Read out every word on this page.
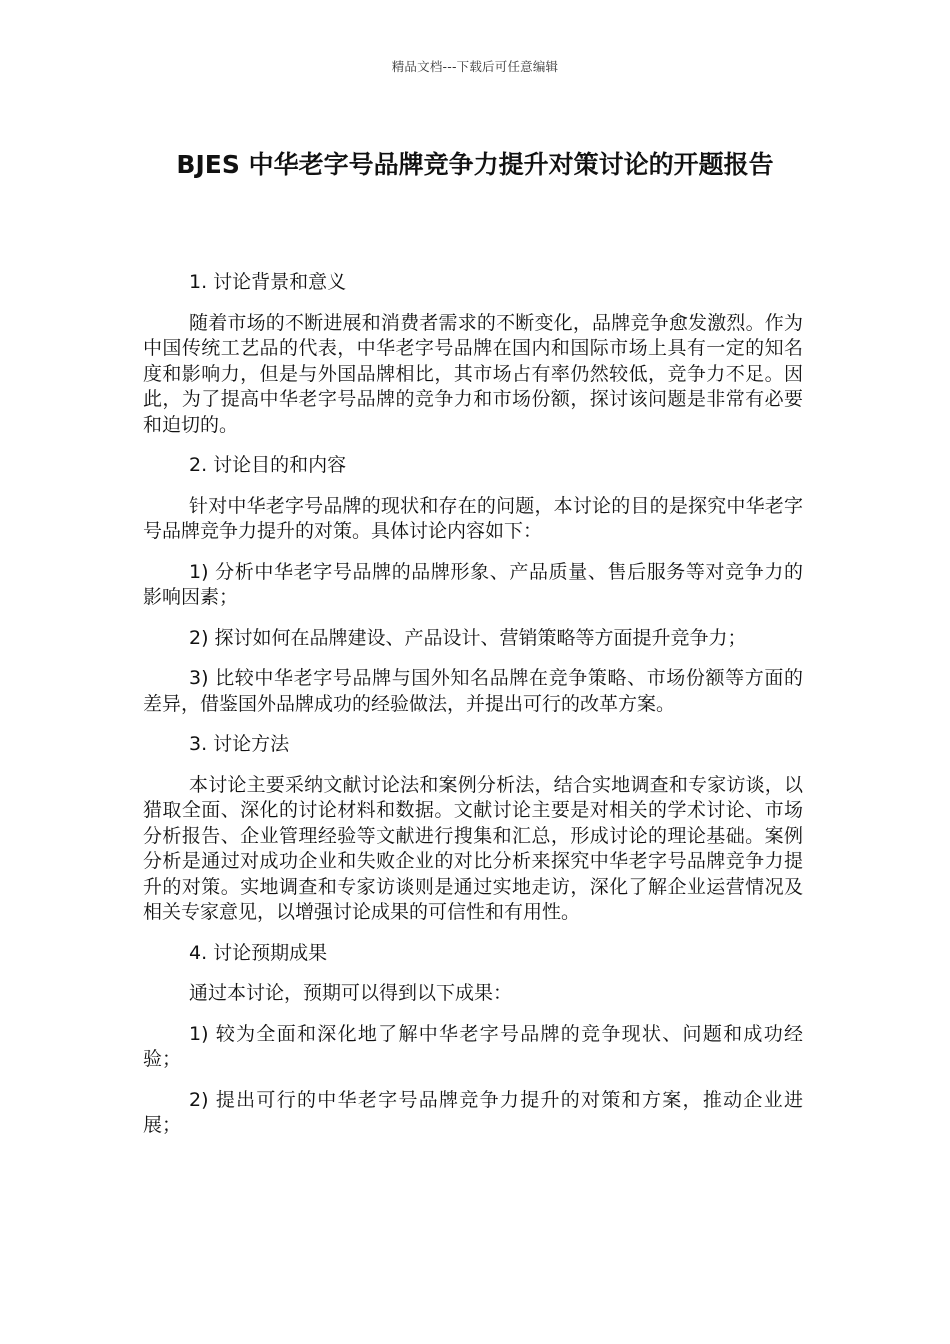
精品文档---下载后可任意编辑
BJES 中华老字号品牌竞争力提升对策讨论的开题报告

1. 讨论背景和意义

随着市场的不断进展和消费者需求的不断变化，品牌竞争愈发激烈。作为中国传统工艺品的代表，中华老字号品牌在国内和国际市场上具有一定的知名度和影响力，但是与外国品牌相比，其市场占有率仍然较低，竞争力不足。因此，为了提高中华老字号品牌的竞争力和市场份额，探讨该问题是非常有必要和迫切的。

2. 讨论目的和内容

针对中华老字号品牌的现状和存在的问题，本讨论的目的是探究中华老字号品牌竞争力提升的对策。具体讨论内容如下：

1) 分析中华老字号品牌的品牌形象、产品质量、售后服务等对竞争力的影响因素；

2) 探讨如何在品牌建设、产品设计、营销策略等方面提升竞争力；

3) 比较中华老字号品牌与国外知名品牌在竞争策略、市场份额等方面的差异，借鉴国外品牌成功的经验做法，并提出可行的改革方案。

3. 讨论方法

本讨论主要采纳文献讨论法和案例分析法，结合实地调查和专家访谈，以猎取全面、深化的讨论材料和数据。文献讨论主要是对相关的学术讨论、市场分析报告、企业管理经验等文献进行搜集和汇总，形成讨论的理论基础。案例分析是通过对成功企业和失败企业的对比分析来探究中华老字号品牌竞争力提升的对策。实地调查和专家访谈则是通过实地走访，深化了解企业运营情况及相关专家意见，以增强讨论成果的可信性和有用性。

4. 讨论预期成果

通过本讨论，预期可以得到以下成果：

1) 较为全面和深化地了解中华老字号品牌的竞争现状、问题和成功经验；

2) 提出可行的中华老字号品牌竞争力提升的对策和方案，推动企业进展；
